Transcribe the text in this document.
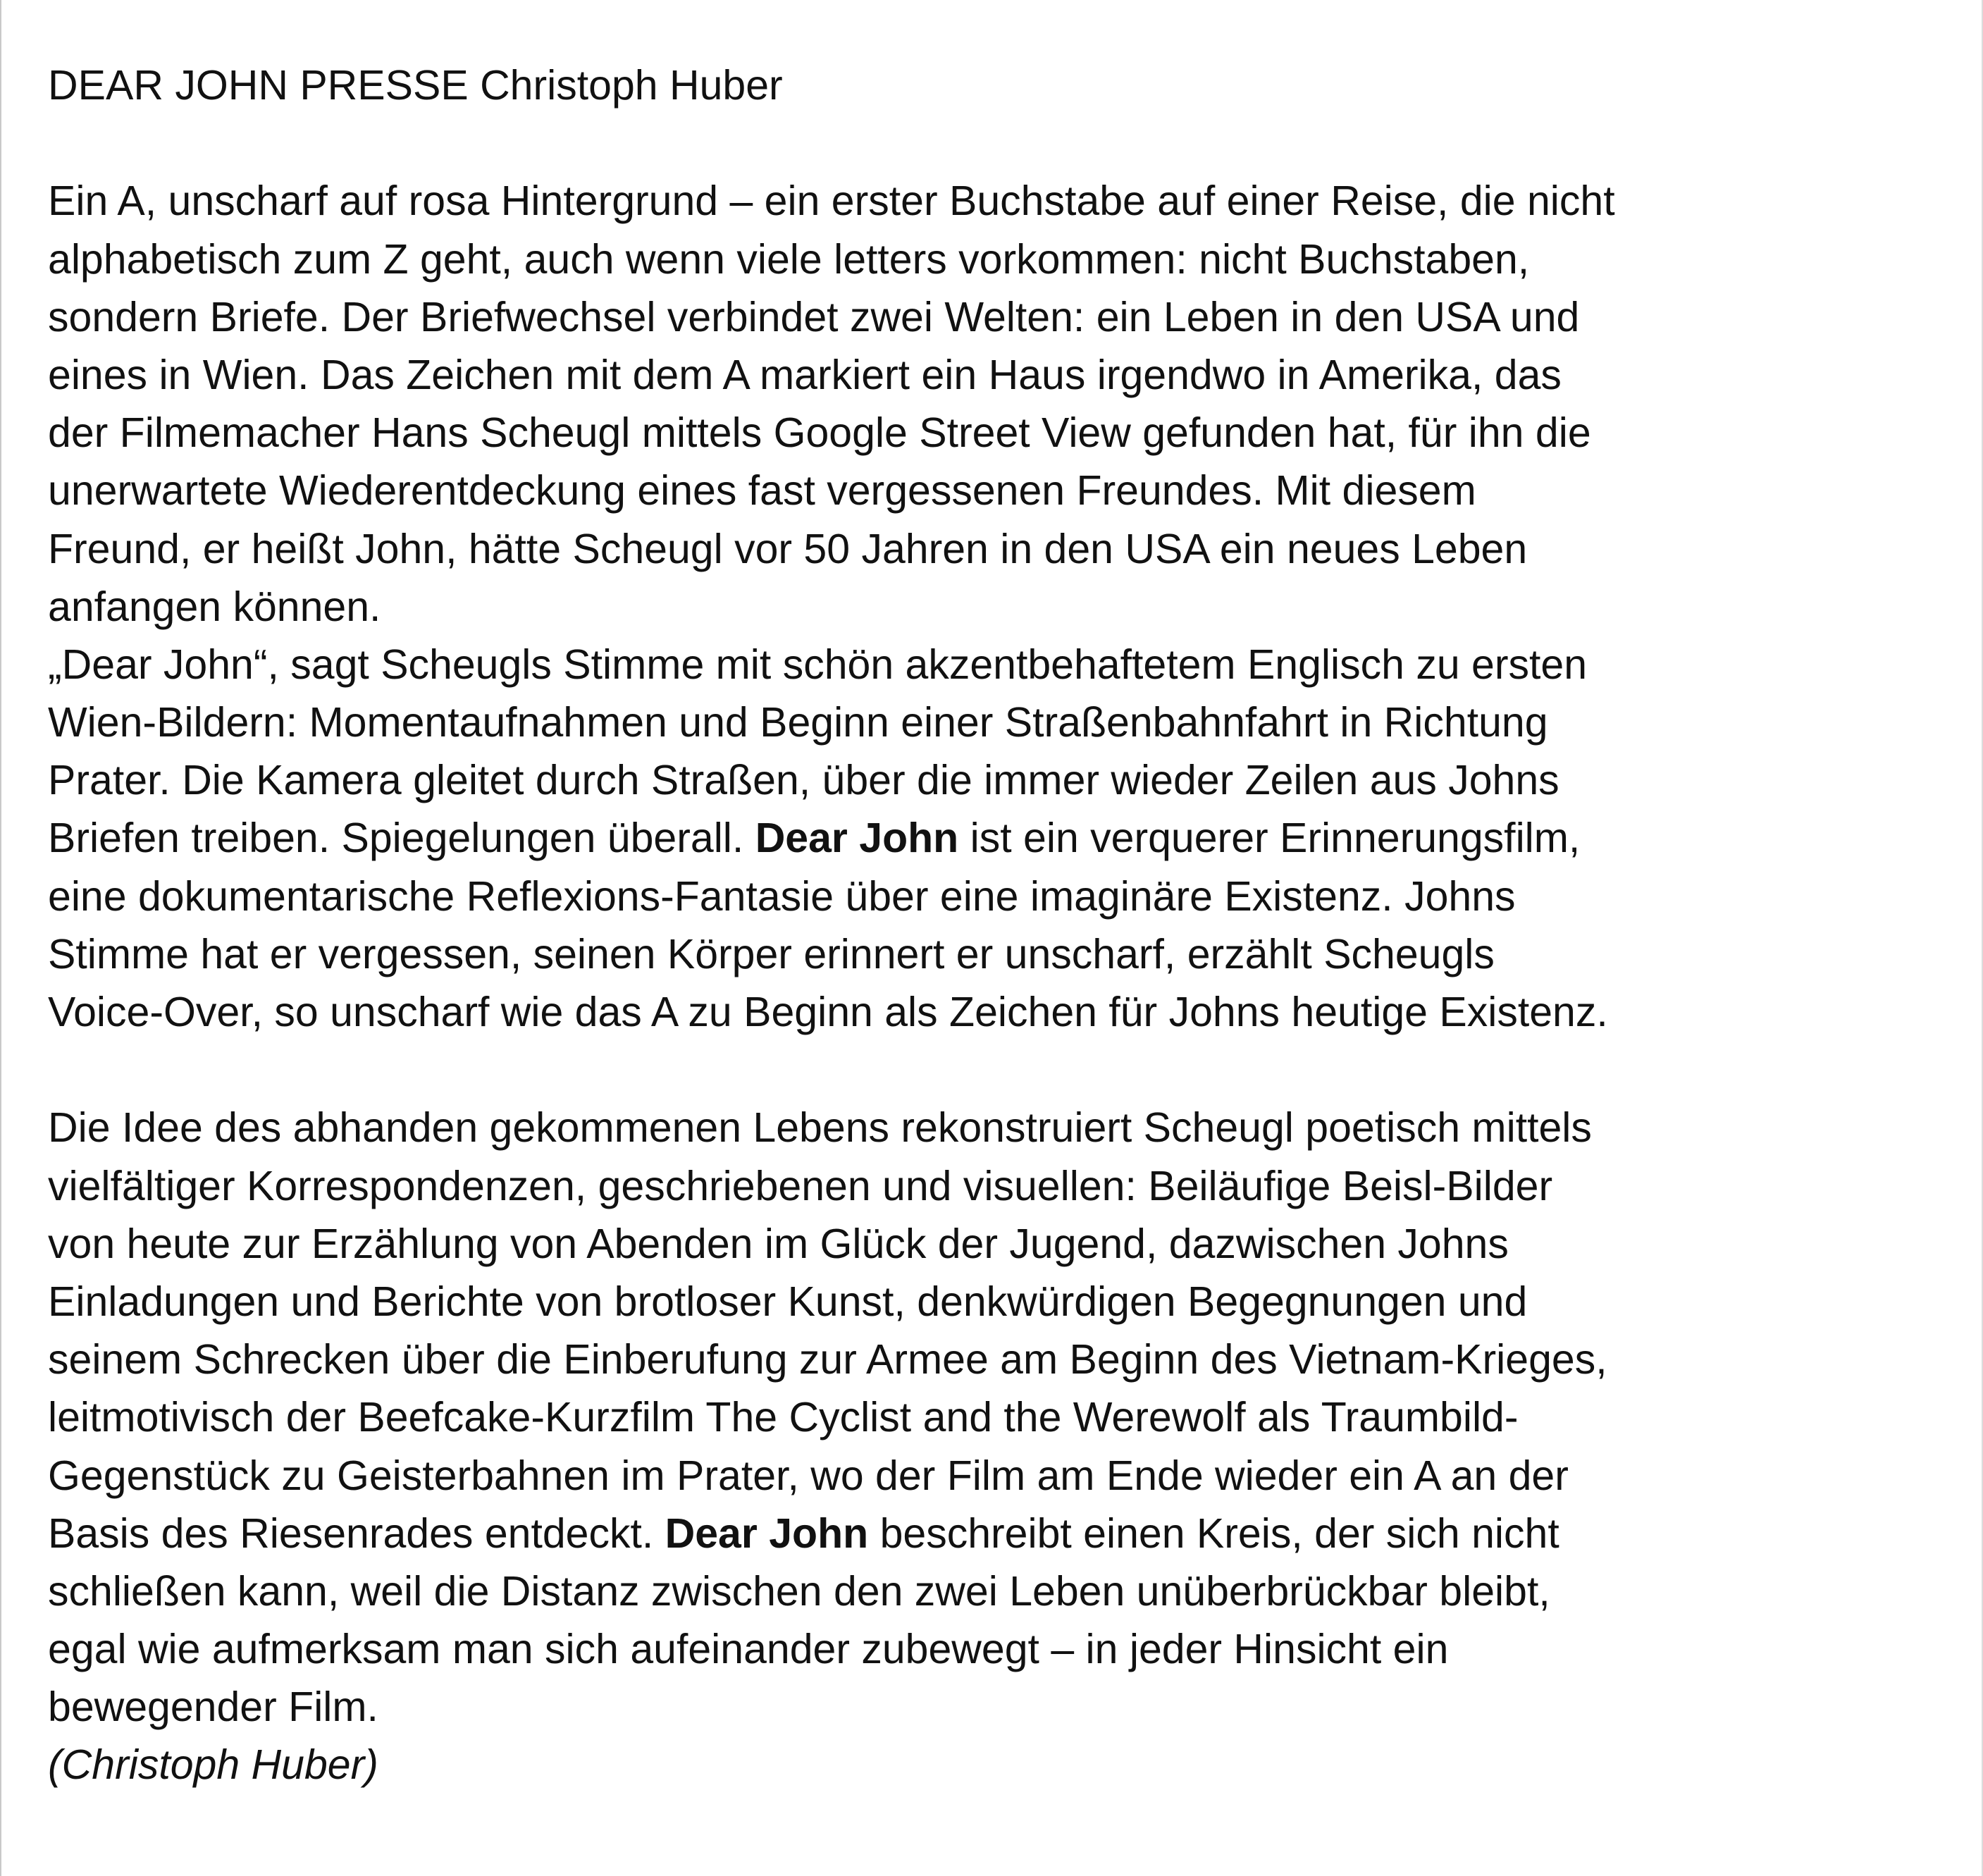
DEAR JOHN PRESSE Christoph Huber
Ein A, unscharf auf rosa Hintergrund – ein erster Buchstabe auf einer Reise, die nicht
alphabetisch zum Z geht, auch wenn viele letters vorkommen: nicht Buchstaben,
sondern Briefe. Der Briefwechsel verbindet zwei Welten: ein Leben in den USA und
eines in Wien. Das Zeichen mit dem A markiert ein Haus irgendwo in Amerika, das
der Filmemacher Hans Scheugl mittels Google Street View gefunden hat, für ihn die
unerwartete Wiederentdeckung eines fast vergessenen Freundes. Mit diesem
Freund, er heißt John, hätte Scheugl vor 50 Jahren in den USA ein neues Leben
anfangen können.
„Dear John“, sagt Scheugls Stimme mit schön akzentbehaftetem Englisch zu ersten
Wien-Bildern: Momentaufnahmen und Beginn einer Straßenbahnfahrt in Richtung
Prater. Die Kamera gleitet durch Straßen, über die immer wieder Zeilen aus Johns
Briefen treiben. Spiegelungen überall. Dear John ist ein verquerer Erinnerungsfilm,
eine dokumentarische Reflexions-Fantasie über eine imaginäre Existenz. Johns
Stimme hat er vergessen, seinen Körper erinnert er unscharf, erzählt Scheugls
Voice-Over, so unscharf wie das A zu Beginn als Zeichen für Johns heutige Existenz.
Die Idee des abhanden gekommenen Lebens rekonstruiert Scheugl poetisch mittels
vielfältiger Korrespondenzen, geschriebenen und visuellen: Beiläufige Beisl-Bilder
von heute zur Erzählung von Abenden im Glück der Jugend, dazwischen Johns
Einladungen und Berichte von brotloser Kunst, denkwürdigen Begegnungen und
seinem Schrecken über die Einberufung zur Armee am Beginn des Vietnam-Krieges,
leitmotivisch der Beefcake-Kurzfilm The Cyclist and the Werewolf als Traumbild-
Gegenstück zu Geisterbahnen im Prater, wo der Film am Ende wieder ein A an der
Basis des Riesenrades entdeckt. Dear John beschreibt einen Kreis, der sich nicht
schließen kann, weil die Distanz zwischen den zwei Leben unüberbrückbar bleibt,
egal wie aufmerksam man sich aufeinander zubewegt – in jeder Hinsicht ein
bewegender Film.
(Christoph Huber)
